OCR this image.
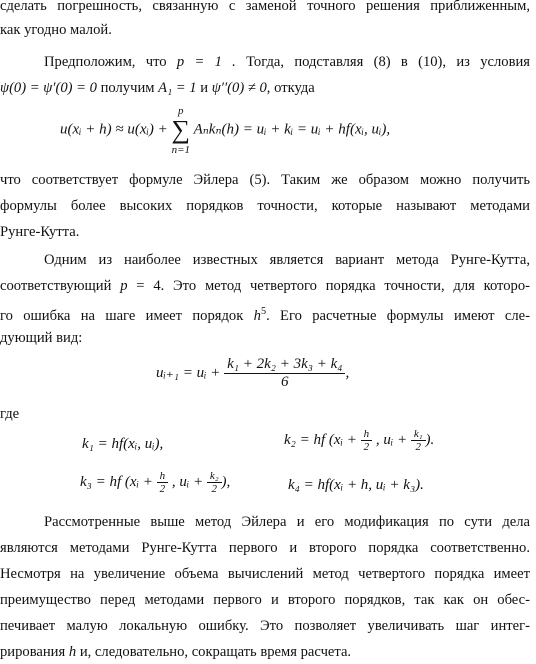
сделать погрешность, связанную с заменой точного решения приближенным,
как угодно малой.
Предположим, что p = 1 . Тогда, подставляя (8) в (10), из условия
ψ(0) = ψ′(0) = 0 получим A₁ = 1 и ψ′′(0) ≠ 0, откуда
u(xᵢ + h) ≈ u(xᵢ) + p
∑
n=1 Aₙkₙ(h) = uᵢ + kᵢ = uᵢ + hf(xᵢ, uᵢ),
что соответствует формуле Эйлера (5). Таким же образом можно получить
формулы более высоких порядков точности, которые называют методами
Рунге-Кутта.
Одним из наиболее известных является вариант метода Рунге-Кутта,
соответствующий p = 4. Это метод четвертого порядка точности, для которо-
го ошибка на шаге имеет порядок $h^5$. Его расчетные формулы имеют сле-
дующий вид:
uᵢ₊₁ = uᵢ + $\frac{\text{k₁ + 2k₂ + 3k₃ + k₄}}{6}$ ,
где
k₁ = hf(xᵢ, uᵢ),	k₂ = hf (xᵢ + $\frac{h}{2}$ , uᵢ + $\frac{\text{k₁}}{2}$ ).
k₃ = hf (xᵢ + $\frac{h}{2}$ , uᵢ + $\frac{\text{k₂}}{2}$ ),	k₄ = hf(xᵢ + h, uᵢ + k₃).
Рассмотренные выше метод Эйлера и его модификация по сути дела
являются методами Рунге-Кутта первого и второго порядка соответственно.
Несмотря на увеличение объема вычислений метод четвертого порядка имеет
преимущество перед методами первого и второго порядков, так как он обес-
печивает малую локальную ошибку. Это позволяет увеличивать шаг интег-
рирования h и, следовательно, сокращать время расчета.
